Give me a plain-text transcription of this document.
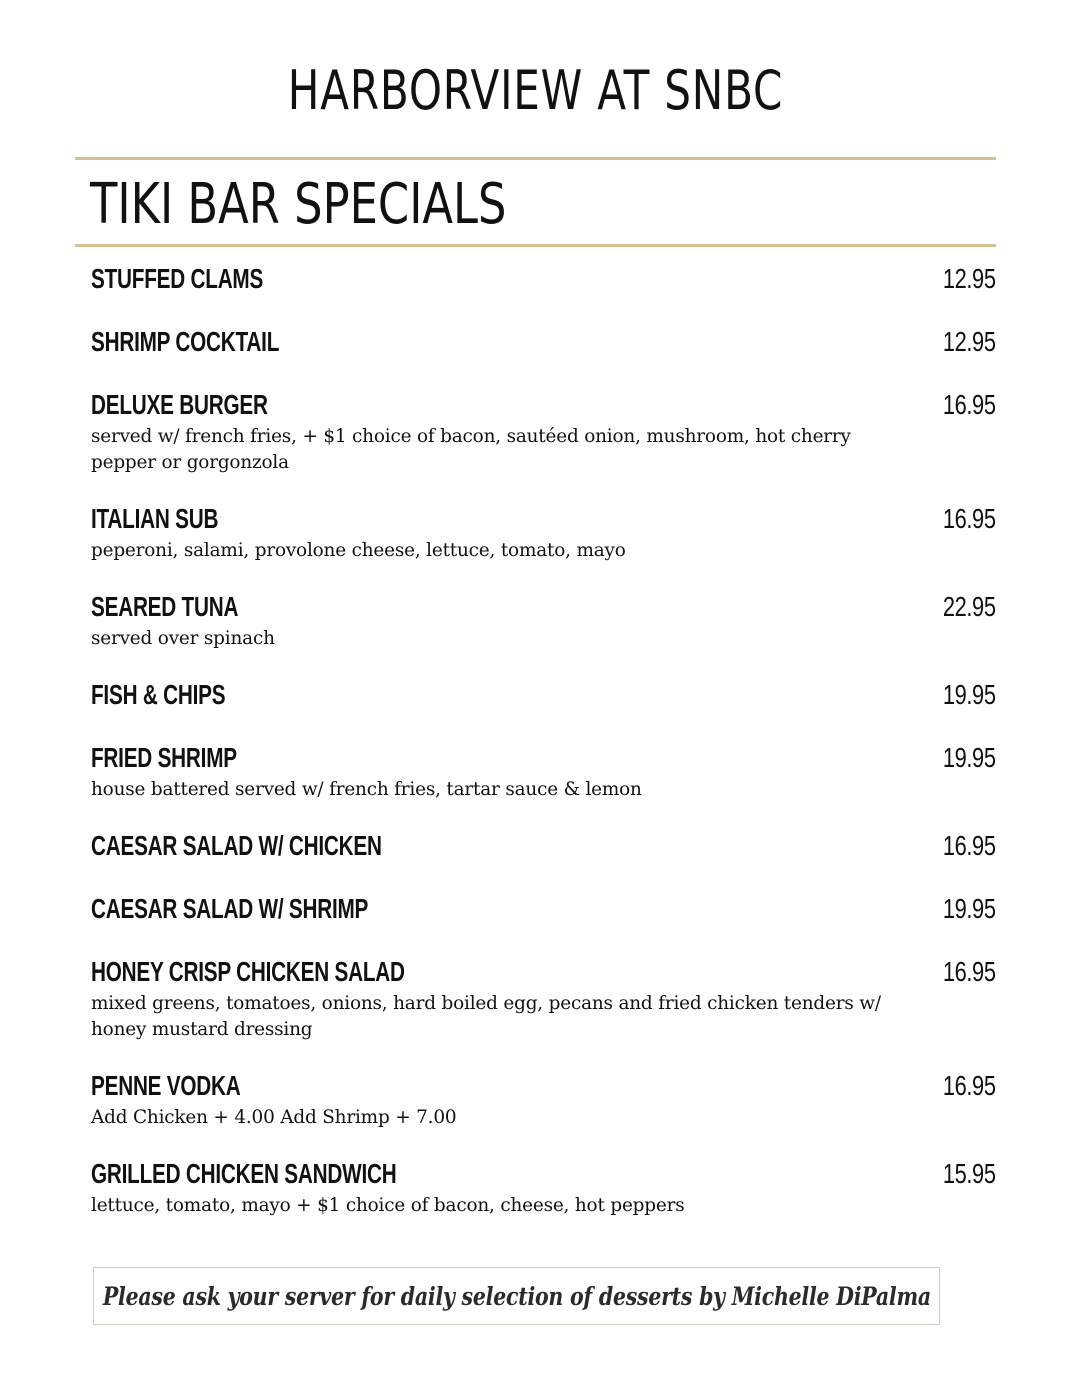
HARBORVIEW AT SNBC
TIKI BAR SPECIALS
STUFFED CLAMS	12.95
SHRIMP COCKTAIL	12.95
DELUXE BURGER	16.95
served w/ french fries, + $1 choice of bacon, sautéed onion, mushroom, hot cherry pepper or gorgonzola
ITALIAN SUB	16.95
peperoni, salami, provolone cheese, lettuce, tomato, mayo
SEARED TUNA	22.95
served over spinach
FISH & CHIPS	19.95
FRIED SHRIMP	19.95
house battered served w/ french fries, tartar sauce & lemon
CAESAR SALAD W/ CHICKEN	16.95
CAESAR SALAD W/ SHRIMP	19.95
HONEY CRISP CHICKEN SALAD	16.95
mixed greens, tomatoes, onions, hard boiled egg, pecans and fried chicken tenders w/ honey mustard dressing
PENNE VODKA	16.95
Add Chicken + 4.00 Add Shrimp + 7.00
GRILLED CHICKEN SANDWICH	15.95
lettuce, tomato, mayo + $1 choice of bacon, cheese, hot peppers
Please ask your server for daily selection of desserts by Michelle DiPalma
